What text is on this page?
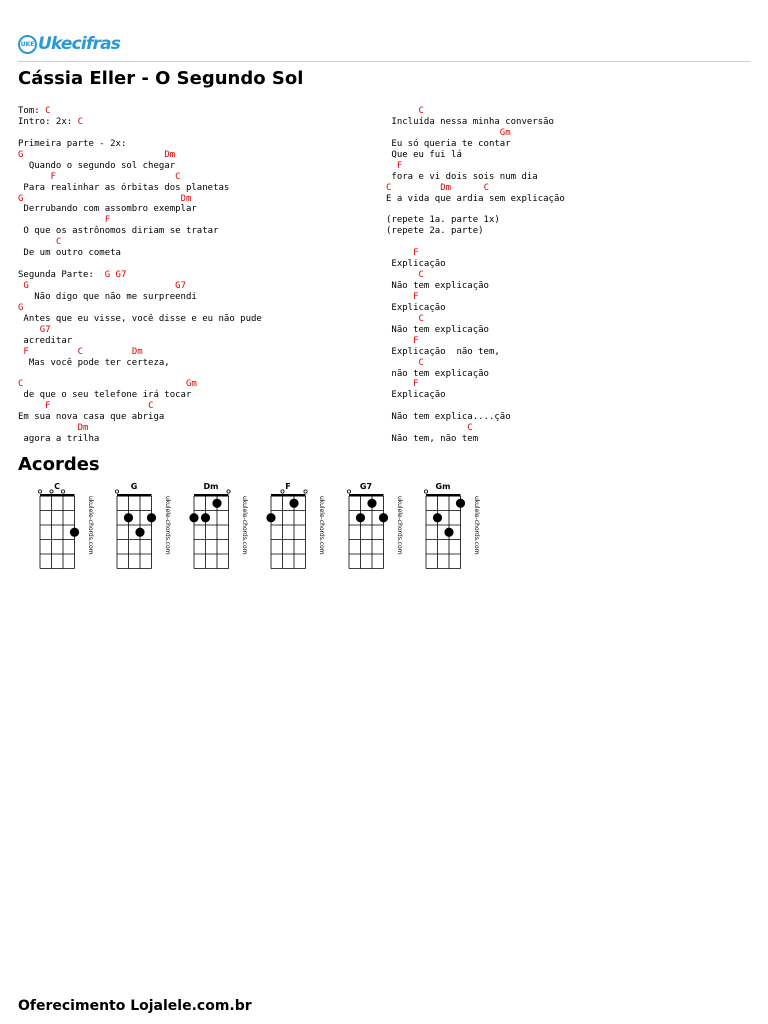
UKE Ukecifras
Cássia Eller - O Segundo Sol
Tom: C
Intro: 2x: C
Primeira parte - 2x:
G	Dm
Quando o segundo sol chegar
F	C
Para realinhar as órbitas dos planetas
G	Dm
Derrubando com assombro exemplar
F
O que os astrônomos diriam se tratar
C
De um outro cometa
Segunda Parte:  G G7
G	G7
Não digo que não me surpreendi
G
Antes que eu visse, você disse e eu não pude
G7
acreditar
F	C	Dm
Mas você pode ter certeza,
C	Gm
de que o seu telefone irá tocar
F	C
Em sua nova casa que abriga
Dm
agora a trilha
C
Incluída nessa minha conversão
Gm
Eu só queria te contar
Que eu fui lá
F
fora e vi dois sois num dia
C	Dm	C
E a vida que ardia sem explicação
(repete 1a. parte 1x)
(repete 2a. parte)
F
Explicação
C
Não tem explicação
F
Explicação
C
Não tem explicação
F
Explicação  não tem,
C
não tem explicação
F
Explicação
Não tem explica....ção
C
Não tem, não tem
Acordes
C
ukulele-chords.com
G
ukulele-chords.com
Dm
ukulele-chords.com
F
ukulele-chords.com
G7
ukulele-chords.com
Gm
ukulele-chords.com

Oferecimento Lojalele.com.br
